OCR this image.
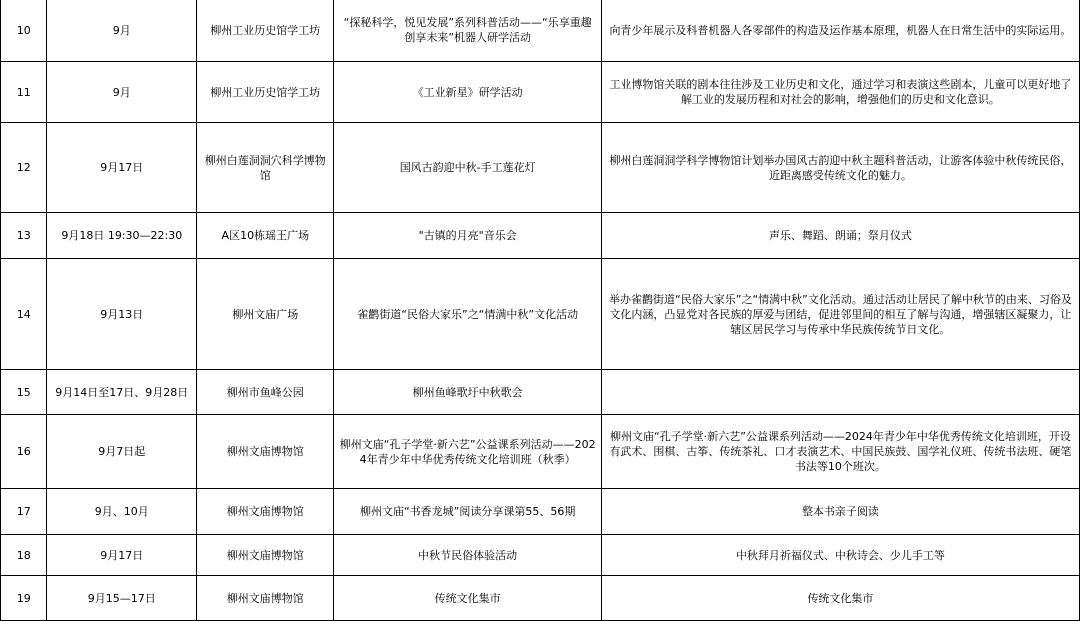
10	9月	柳州工业历史馆学工坊	“探秘科学，悦见发展”系列科普活动——“乐享重趣 创享未来”机器人研学活动	向青少年展示及科普机器人各零部件的构造及运作基本原理，机器人在日常生活中的实际运用。
11	9月	柳州工业历史馆学工坊	《工业新星》研学活动	工业博物馆关联的剧本往往涉及工业历史和文化，通过学习和表演这些剧本，儿童可以更好地了解工业的发展历程和对社会的影响，增强他们的历史和文化意识。
12	9月17日	柳州白莲洞洞穴科学博物馆	国风古韵迎中秋-手工莲花灯	柳州白莲洞洞学科学博物馆计划举办国风古韵迎中秋主题科普活动，让游客体验中秋传统民俗，近距离感受传统文化的魅力。
13	9月18日 19:30—22:30	A区10栋瑶王广场	"古镇的月亮"音乐会	声乐、舞蹈、朗诵；祭月仪式
14	9月13日	柳州文庙广场	雀鹳街道“民俗大家乐”之“情满中秋”文化活动	举办雀鹳街道“民俗大家乐”之“情满中秋”文化活动。通过活动让居民了解中秋节的由来、习俗及文化内涵，凸显党对各民族的厚爱与团结，促进邻里间的相互了解与沟通，增强辖区凝聚力，让辖区居民学习与传承中华民族传统节日文化。
15	9月14日至17日、9月28日	柳州市鱼峰公园	柳州鱼峰歌圩中秋歌会	
16	9月7日起	柳州文庙博物馆	柳州文庙“孔子学堂·新六艺”公益课系列活动——2024年青少年中华优秀传统文化培训班（秋季）	柳州文庙“孔子学堂·新六艺”公益课系列活动——2024年青少年中华优秀传统文化培训班，开设有武术、围棋、古筝、传统茶礼、口才表演艺术、中国民族鼓、国学礼仪班、传统书法班、硬笔书法等10个班次。
17	9月、10月	柳州文庙博物馆	柳州文庙“书香龙城”阅读分享课第55、56期	整本书亲子阅读
18	9月17日	柳州文庙博物馆	中秋节民俗体验活动	中秋拜月祈福仪式、中秋诗会、少儿手工等
19	9月15—17日	柳州文庙博物馆	传统文化集市	传统文化集市
